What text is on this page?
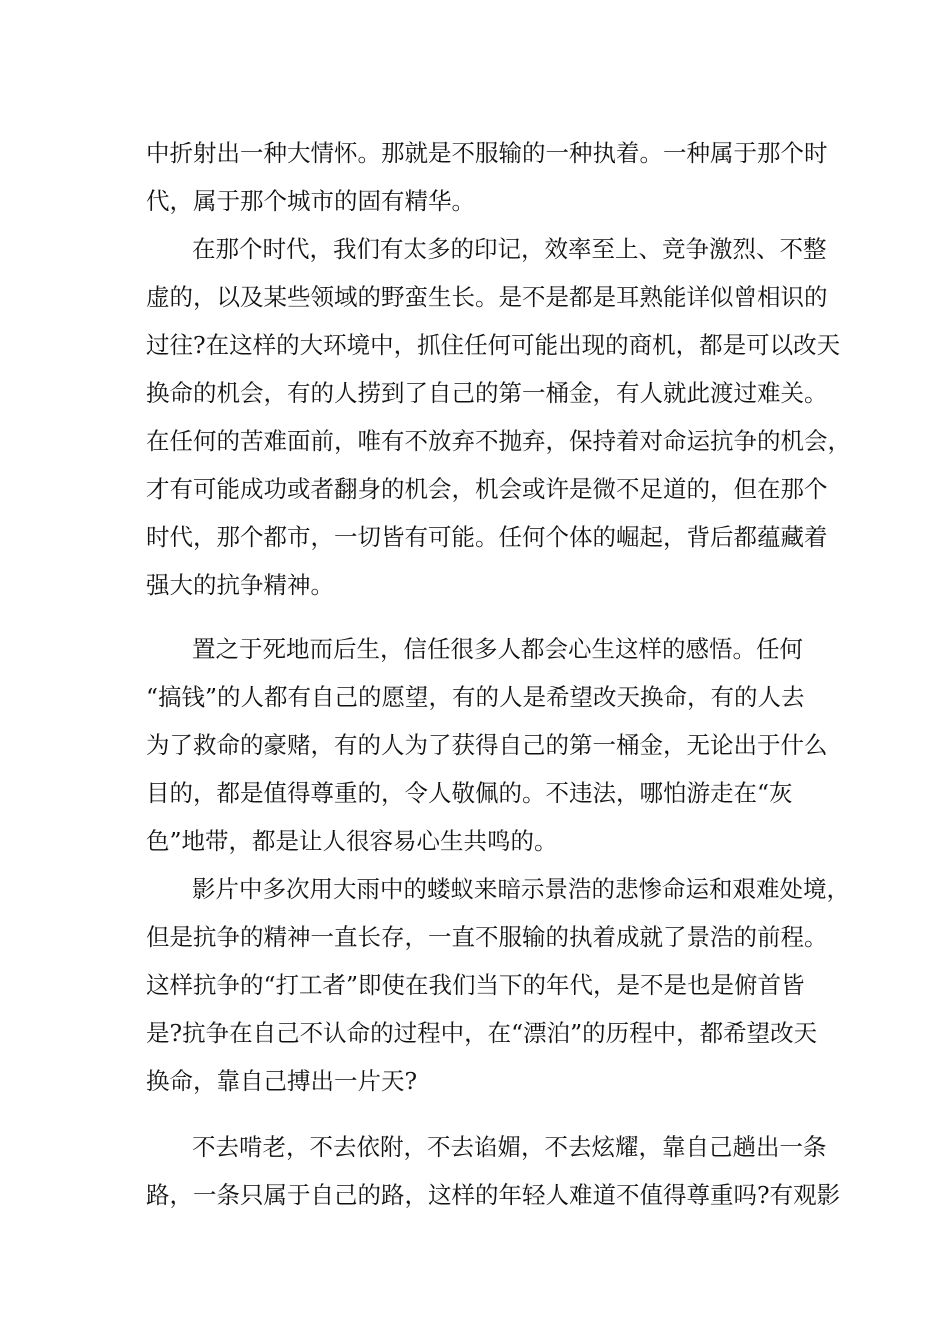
中折射出一种大情怀。那就是不服输的一种执着。一种属于那个时
代，属于那个城市的固有精华。
在那个时代，我们有太多的印记，效率至上、竞争激烈、不整
虚的，以及某些领域的野蛮生长。是不是都是耳熟能详似曾相识的
过往?在这样的大环境中，抓住任何可能出现的商机，都是可以改天
换命的机会，有的人捞到了自己的第一桶金，有人就此渡过难关。
在任何的苦难面前，唯有不放弃不抛弃，保持着对命运抗争的机会，
才有可能成功或者翻身的机会，机会或许是微不足道的，但在那个
时代，那个都市，一切皆有可能。任何个体的崛起，背后都蕴藏着
强大的抗争精神。
置之于死地而后生，信任很多人都会心生这样的感悟。任何
“搞钱”的人都有自己的愿望，有的人是希望改天换命，有的人去
为了救命的豪赌，有的人为了获得自己的第一桶金，无论出于什么
目的，都是值得尊重的，令人敬佩的。不违法，哪怕游走在“灰
色”地带，都是让人很容易心生共鸣的。
影片中多次用大雨中的蝼蚁来暗示景浩的悲惨命运和艰难处境，
但是抗争的精神一直长存，一直不服输的执着成就了景浩的前程。
这样抗争的“打工者”即使在我们当下的年代，是不是也是俯首皆
是?抗争在自己不认命的过程中，在“漂泊”的历程中，都希望改天
换命，靠自己搏出一片天?
不去啃老，不去依附，不去谄媚，不去炫耀，靠自己趟出一条
路，一条只属于自己的路，这样的年轻人难道不值得尊重吗?有观影
